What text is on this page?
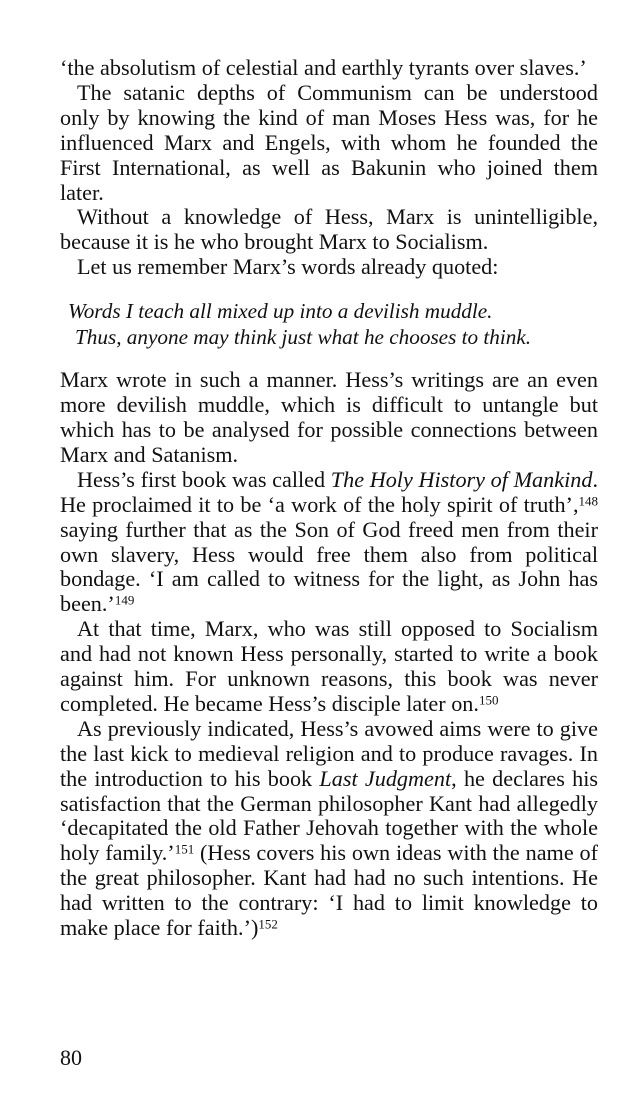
‘the absolutism of celestial and earthly tyrants over slaves.’

The satanic depths of Communism can be understood only by knowing the kind of man Moses Hess was, for he influenced Marx and Engels, with whom he founded the First International, as well as Bakunin who joined them later.

Without a knowledge of Hess, Marx is unintelligible, because it is he who brought Marx to Socialism.

Let us remember Marx’s words already quoted:

Words I teach all mixed up into a devilish muddle.
Thus, anyone may think just what he chooses to think.

Marx wrote in such a manner. Hess’s writings are an even more devilish muddle, which is difficult to untangle but which has to be analysed for possible connections between Marx and Satanism.

Hess’s first book was called The Holy History of Mankind. He proclaimed it to be ‘a work of the holy spirit of truth’,$^{148}$ saying further that as the Son of God freed men from their own slavery, Hess would free them also from political bondage. ‘I am called to witness for the light, as John has been.’$^{149}$

At that time, Marx, who was still opposed to Socialism and had not known Hess personally, started to write a book against him. For unknown reasons, this book was never completed. He became Hess’s disciple later on.$^{150}$

As previously indicated, Hess’s avowed aims were to give the last kick to medieval religion and to produce ravages. In the introduction to his book Last Judgment, he declares his satisfaction that the German philosopher Kant had allegedly ‘decapitated the old Father Jehovah together with the whole holy family.’$^{151}$ (Hess covers his own ideas with the name of the great philosopher. Kant had had no such intentions. He had written to the contrary: ‘I had to limit knowledge to make place for faith.’)$^{152}$

80
